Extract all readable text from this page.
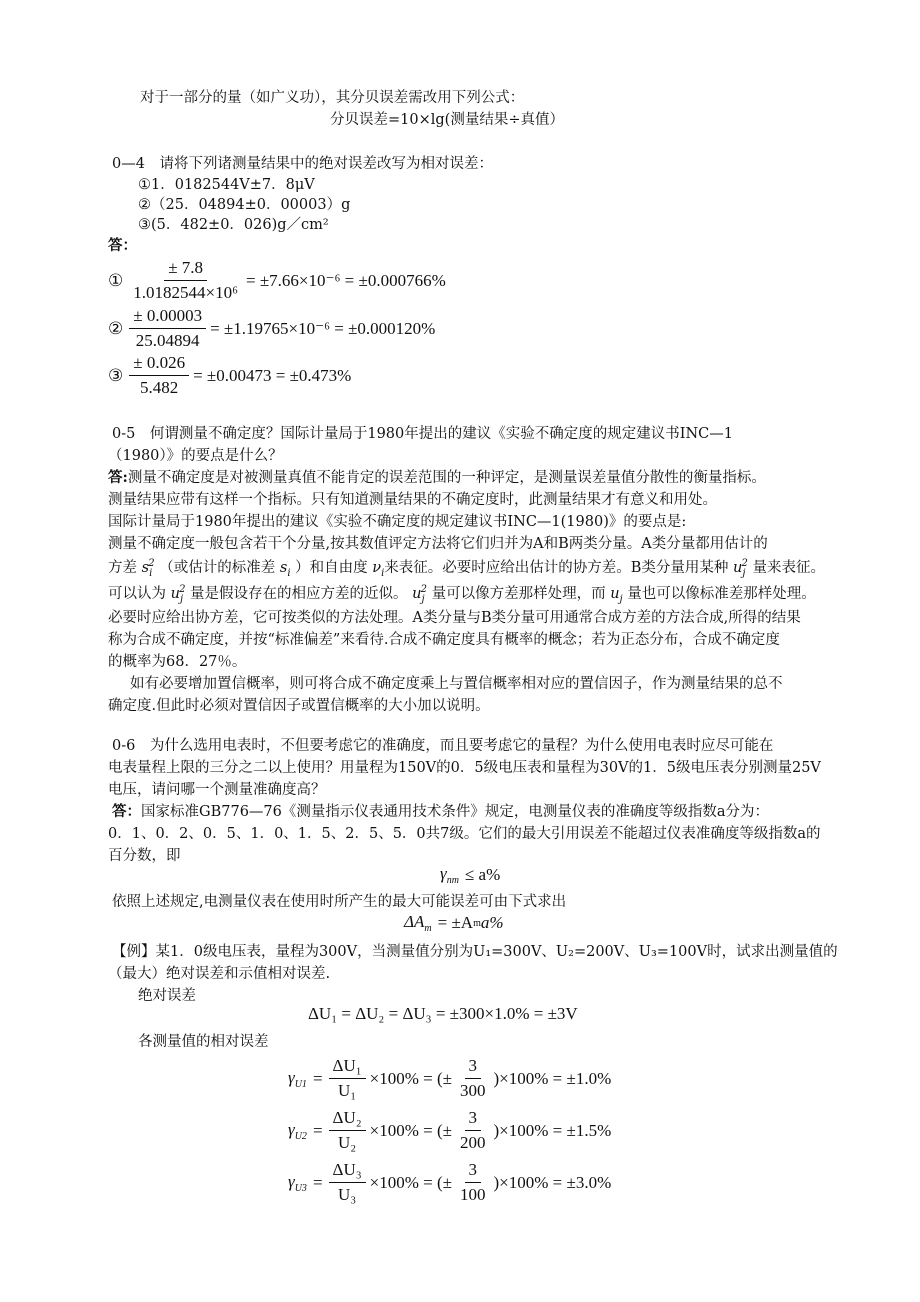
对于一部分的量（如广义功），其分贝误差需改用下列公式：
分贝误差=10×lg(测量结果÷真值）
0—4　请将下列诸测量结果中的绝对误差改写为相对误差：
①1．0182544V±7．8μV
②（25．04894±0．00003）g
③(5．482±0．026)g／cm²
答：
① $\frac{\pm 7.8}{\text{1.0182544×10⁶}} = \pm 7.66\times 10^{-6} = \pm 0.000766\%$
② $\frac{\pm 0.00003}{25.04894} = \pm 1.19765\times 10^{-6} = \pm 0.000120\%$
③ $\frac{\pm 0.026}{5.482} = \pm 0.00473 = \pm 0.473\%$
0-5　何谓测量不确定度？国际计量局于1980年提出的建议《实验不确定度的规定建议书INC—1
（1980）》的要点是什么？
答:测量不确定度是对被测量真值不能肯定的误差范围的一种评定，是测量误差量值分散性的衡量指标。
测量结果应带有这样一个指标。只有知道测量结果的不确定度时，此测量结果才有意义和用处。
国际计量局于1980年提出的建议《实验不确定度的规定建议书INC—1(1980)》的要点是:
测量不确定度一般包含若干个分量,按其数值评定方法将它们归并为A和B两类分量。A类分量都用估计的
方差 $s_i^2$ （或估计的标准差 $s_i$ ）和自由度 $\nu_i$来表征。必要时应给出估计的协方差。B类分量用某种 $u_j^2$ 量来表征。
可以认为 $u_j^2$ 量是假设存在的相应方差的近似。 $u_j^2$ 量可以像方差那样处理，而 $u_j$ 量也可以像标准差那样处理。
必要时应给出协方差，它可按类似的方法处理。A类分量与B类分量可用通常合成方差的方法合成,所得的结果
称为合成不确定度，并按“标准偏差”来看待.合成不确定度具有概率的概念；若为正态分布，合成不确定度
的概率为68．27％。
如有必要增加置信概率，则可将合成不确定度乘上与置信概率相对应的置信因子，作为测量结果的总不
确定度.但此时必须对置信因子或置信概率的大小加以说明。
0-6　为什么选用电表时，不但要考虑它的准确度，而且要考虑它的量程？为什么使用电表时应尽可能在
电表量程上限的三分之二以上使用？用量程为150V的0．5级电压表和量程为30V的1．5级电压表分别测量25V
电压，请问哪一个测量准确度高？
答：国家标准GB776—76《测量指示仪表通用技术条件》规定，电测量仪表的准确度等级指数a分为：
0．1、0．2、0．5、1．0、1．5、2．5、5．0共7级。它们的最大引用误差不能超过仪表准确度等级指数a的
百分数，即
$\gamma_{nm} \le a\%$
依照上述规定,电测量仪表在使用时所产生的最大可能误差可由下式求出
$\Delta A_m = \pm A$ m a%
【例】某1．0级电压表，量程为300V，当测量值分别为U₁=300V、U₂=200V、U₃=100V时，试求出测量值的
（最大）绝对误差和示值相对误差.
绝对误差
ΔU₁ = ΔU₂ = ΔU₃ = ±300×1.0% = ±3V
各测量值的相对误差
$\gamma_{U1} = \frac{\text{ΔU₁}}{\text{U₁}} \times 100\%$ = (± $\frac{3}{300} )\times 100\% = \pm 1.0\%$
$\gamma_{U2} = \frac{\text{ΔU₂}}{\text{U₂}} \times 100\%$ = (± $\frac{3}{200} )\times 100\% = \pm 1.5\%$
$\gamma_{U3} = \frac{\text{ΔU₃}}{\text{U₃}} \times 100\%$ = (± $\frac{3}{100} )\times 100\% = \pm 3.0\%$
